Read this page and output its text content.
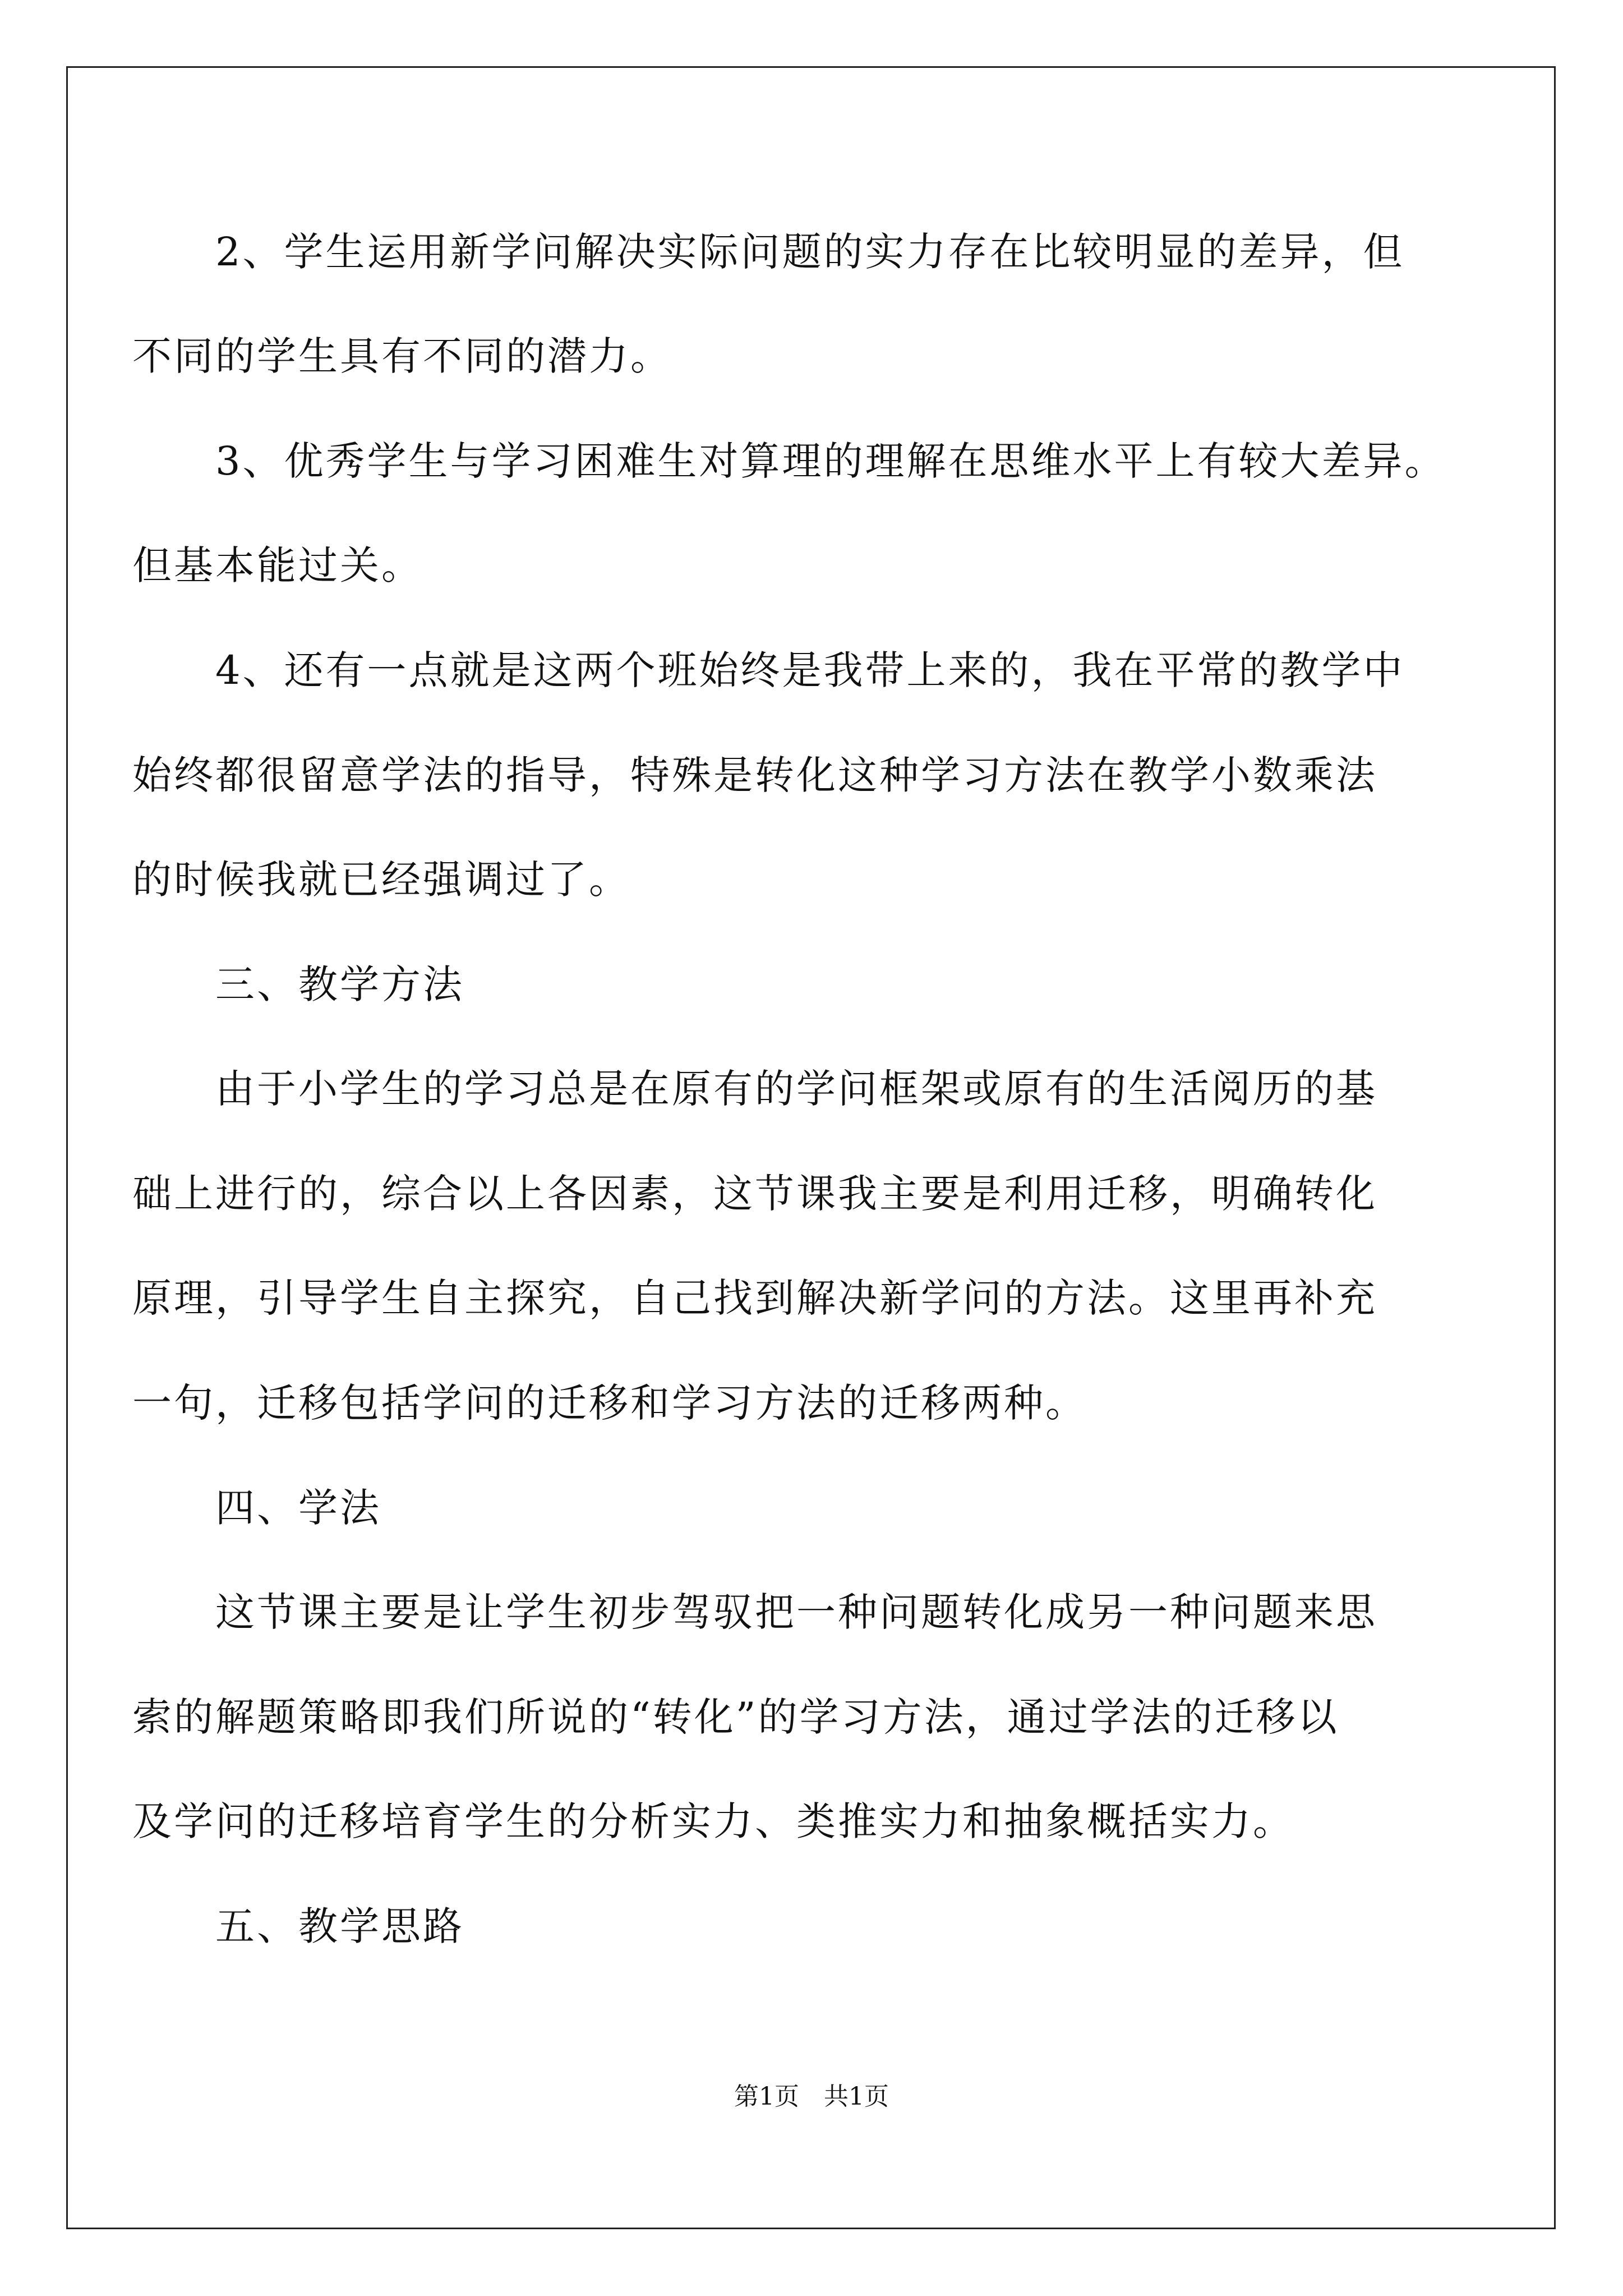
2、学生运用新学问解决实际问题的实力存在比较明显的差异，但
不同的学生具有不同的潜力。
3、优秀学生与学习困难生对算理的理解在思维水平上有较大差异。
但基本能过关。
4、还有一点就是这两个班始终是我带上来的，我在平常的教学中
始终都很留意学法的指导，特殊是转化这种学习方法在教学小数乘法
的时候我就已经强调过了。
三、教学方法
由于小学生的学习总是在原有的学问框架或原有的生活阅历的基
础上进行的，综合以上各因素，这节课我主要是利用迁移，明确转化
原理，引导学生自主探究，自己找到解决新学问的方法。这里再补充
一句，迁移包括学问的迁移和学习方法的迁移两种。
四、学法
这节课主要是让学生初步驾驭把一种问题转化成另一种问题来思
索的解题策略即我们所说的“转化”的学习方法，通过学法的迁移以
及学问的迁移培育学生的分析实力、类推实力和抽象概括实力。
五、教学思路
第1页　共1页
